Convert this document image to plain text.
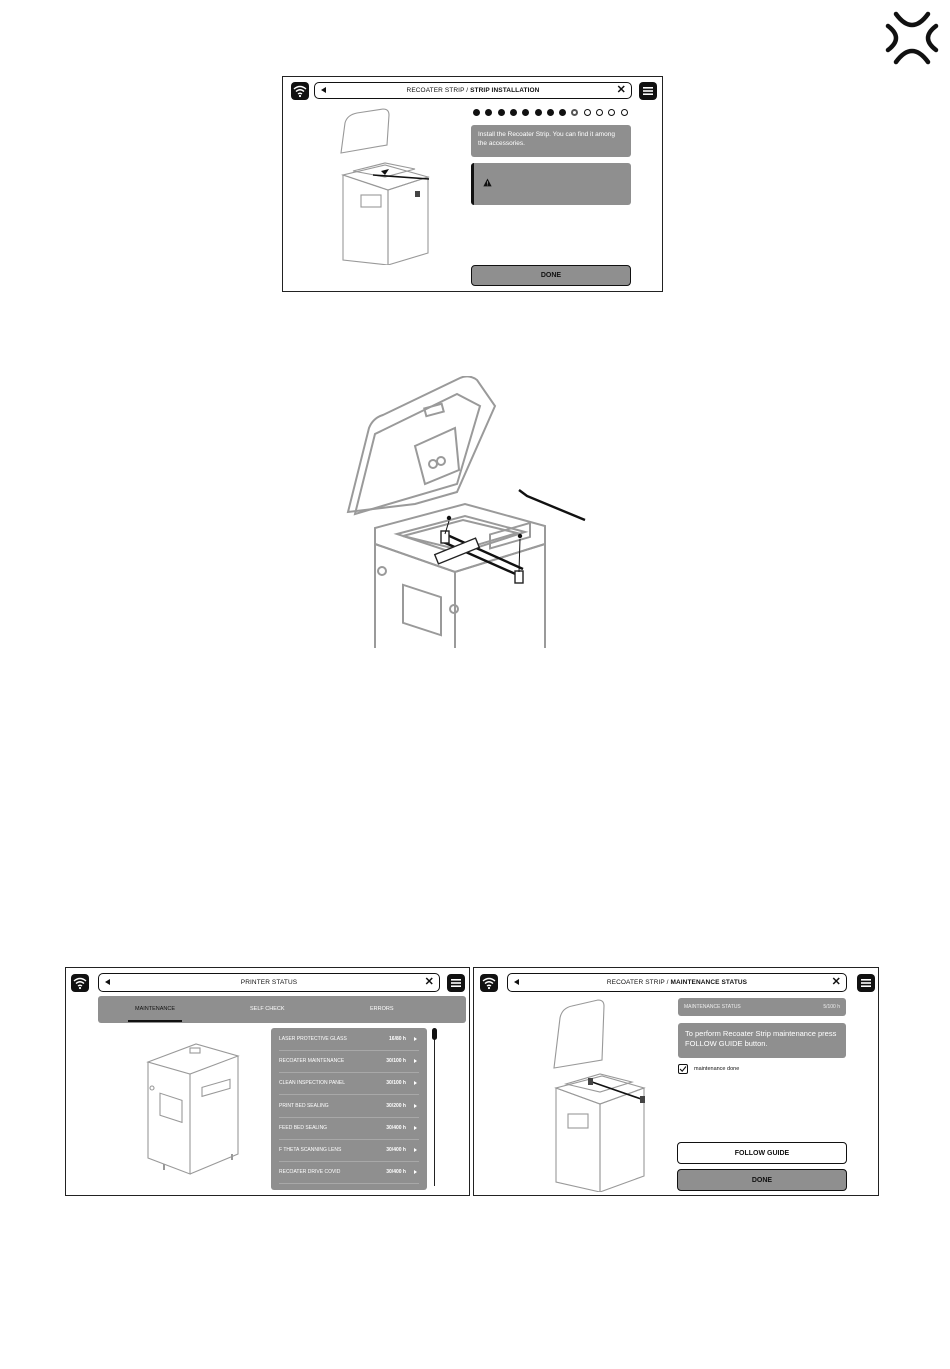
RECOATER STRIP / STRIP INSTALLATION	✕
Install the Recoater Strip. You can find it among the accessories.
DONE
PRINTER STATUS	✕
MAINTENANCE	SELF CHECK	ERRORS
LASER PROTECTIVE GLASS	16/80 h
RECOATER MAINTENANCE	30/100 h
CLEAN INSPECTION PANEL	30/100 h
PRINT BED SEALING	30/200 h
FEED BED SEALING	30/400 h
F THETA SCANNING LENS	30/400 h
RECOATER DRIVE COVID	30/400 h
RECOATER STRIP / MAINTENANCE STATUS	✕
MAINTENANCE STATUS	5/100 h
To perform Recoater Strip maintenance press FOLLOW GUIDE button.
maintenance done
FOLLOW GUIDE
DONE
